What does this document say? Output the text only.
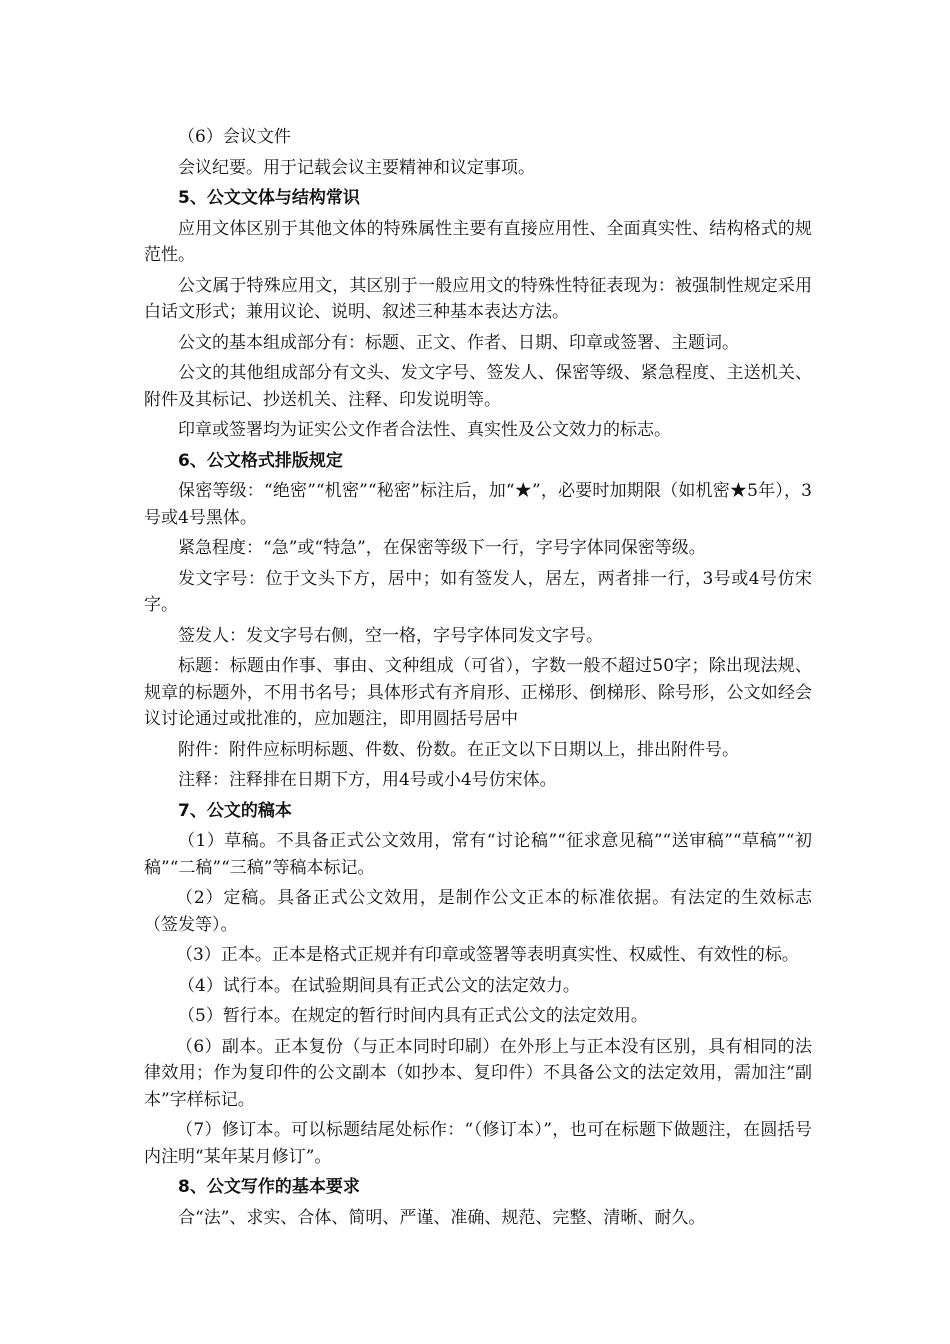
（6）会议文件

会议纪要。用于记载会议主要精神和议定事项。

5、公文文体与结构常识

应用文体区别于其他文体的特殊属性主要有直接应用性、全面真实性、结构格式的规范性。

公文属于特殊应用文，其区别于一般应用文的特殊性特征表现为：被强制性规定采用白话文形式；兼用议论、说明、叙述三种基本表达方法。

公文的基本组成部分有：标题、正文、作者、日期、印章或签署、主题词。

公文的其他组成部分有文头、发文字号、签发人、保密等级、紧急程度、主送机关、附件及其标记、抄送机关、注释、印发说明等。

印章或签署均为证实公文作者合法性、真实性及公文效力的标志。

6、公文格式排版规定

保密等级：“绝密”“机密”“秘密”标注后，加“★”，必要时加期限（如机密★5年），3号或4号黑体。

紧急程度：“急”或“特急”，在保密等级下一行，字号字体同保密等级。

发文字号：位于文头下方，居中；如有签发人，居左，两者排一行，3号或4号仿宋字。

签发人：发文字号右侧，空一格，字号字体同发文字号。

标题：标题由作事、事由、文种组成（可省），字数一般不超过50字；除出现法规、规章的标题外，不用书名号；具体形式有齐肩形、正梯形、倒梯形、除号形，公文如经会议讨论通过或批准的，应加题注，即用圆括号居中

附件：附件应标明标题、件数、份数。在正文以下日期以上，排出附件号。

注释：注释排在日期下方，用4号或小4号仿宋体。

7、公文的稿本

（1）草稿。不具备正式公文效用，常有“讨论稿”“征求意见稿”“送审稿”“草稿”“初稿”“二稿”“三稿”等稿本标记。

（2）定稿。具备正式公文效用，是制作公文正本的标准依据。有法定的生效标志（签发等）。

（3）正本。正本是格式正规并有印章或签署等表明真实性、权威性、有效性的标。

（4）试行本。在试验期间具有正式公文的法定效力。

（5）暂行本。在规定的暂行时间内具有正式公文的法定效用。

（6）副本。正本复份（与正本同时印刷）在外形上与正本没有区别，具有相同的法律效用；作为复印件的公文副本（如抄本、复印件）不具备公文的法定效用，需加注“副本”字样标记。

（7）修订本。可以标题结尾处标作：“（修订本）”，也可在标题下做题注，在圆括号内注明“某年某月修订”。

8、公文写作的基本要求

合“法”、求实、合体、简明、严谨、准确、规范、完整、清晰、耐久。
